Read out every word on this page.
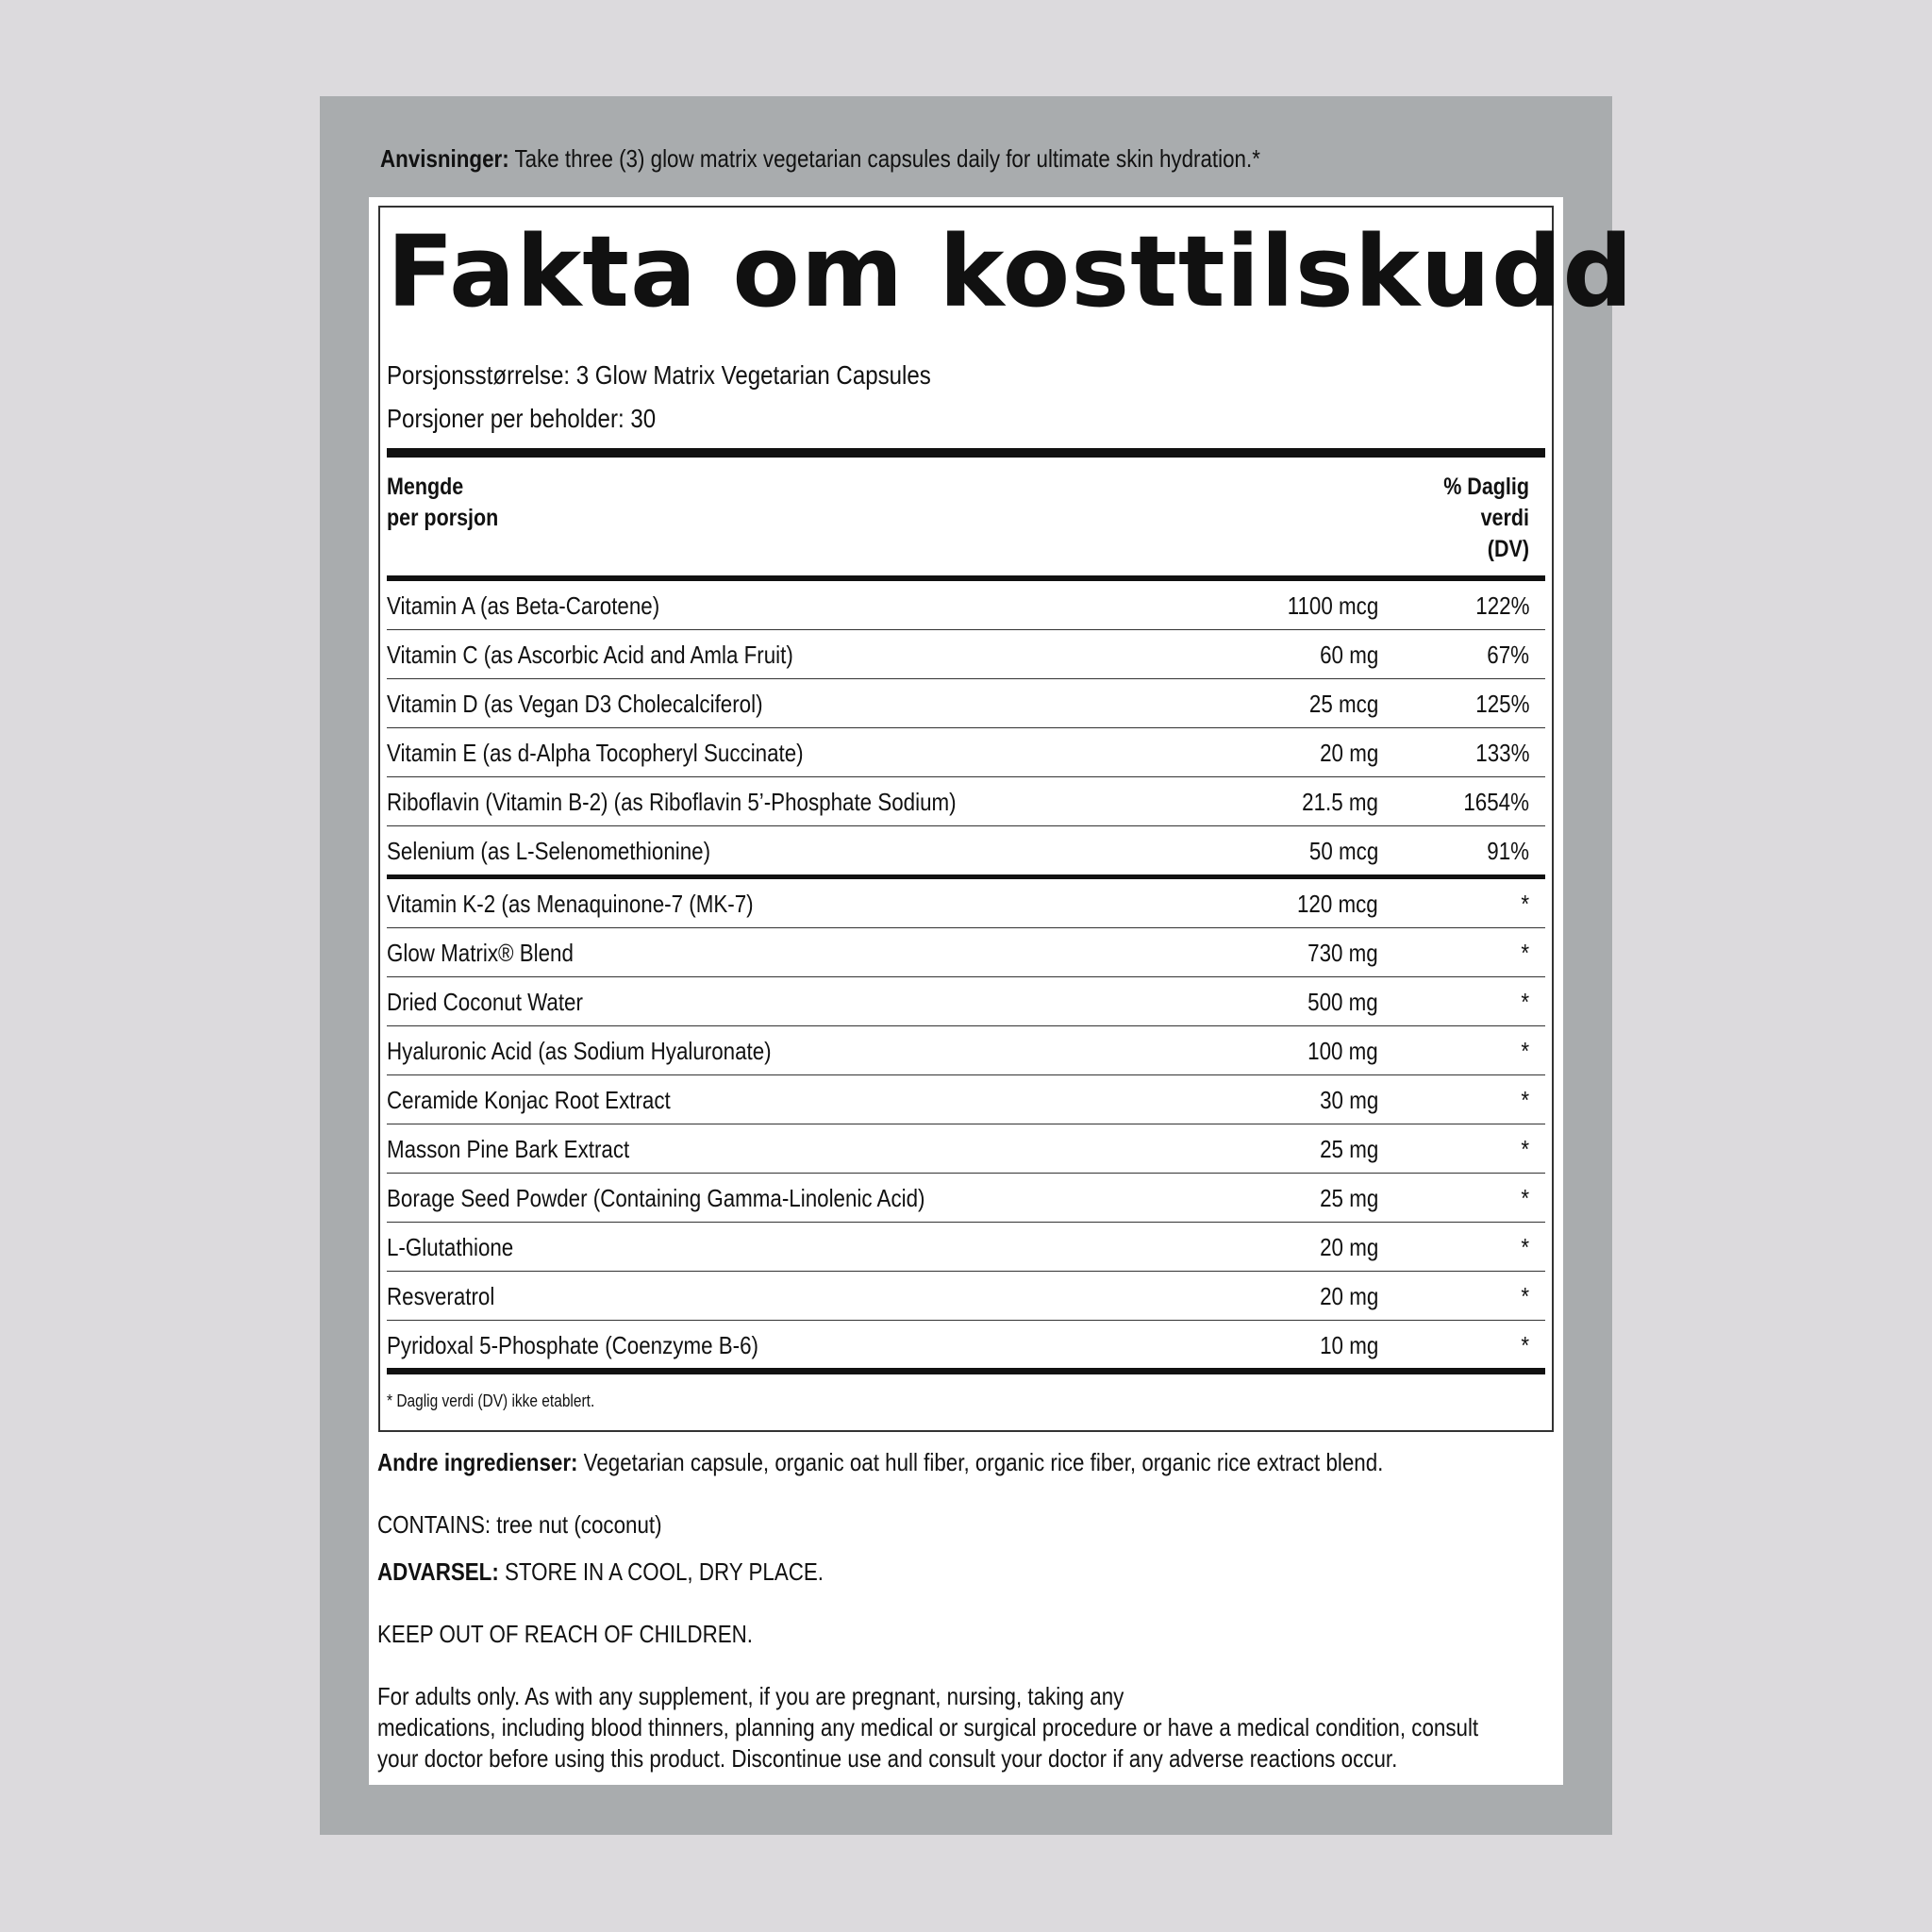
Anvisninger: Take three (3) glow matrix vegetarian capsules daily for ultimate skin hydration.*
Fakta om kosttilskudd
Porsjonsstørrelse: 3 Glow Matrix Vegetarian Capsules
Porsjoner per beholder: 30
Mengde
per porsjon
% Daglig
verdi
(DV)
Vitamin A (as Beta-Carotene)	1100 mcg	122%
Vitamin C (as Ascorbic Acid and Amla Fruit)	60 mg	67%
Vitamin D (as Vegan D3 Cholecalciferol)	25 mcg	125%
Vitamin E (as d-Alpha Tocopheryl Succinate)	20 mg	133%
Riboflavin (Vitamin B-2) (as Riboflavin 5’-Phosphate Sodium)	21.5 mg	1654%
Selenium (as L-Selenomethionine)	50 mcg	91%
Vitamin K-2 (as Menaquinone-7 (MK-7)	120 mcg	*
Glow Matrix® Blend	730 mg	*
Dried Coconut Water	500 mg	*
Hyaluronic Acid (as Sodium Hyaluronate)	100 mg	*
Ceramide Konjac Root Extract	30 mg	*
Masson Pine Bark Extract	25 mg	*
Borage Seed Powder (Containing Gamma-Linolenic Acid)	25 mg	*
L-Glutathione	20 mg	*
Resveratrol	20 mg	*
Pyridoxal 5-Phosphate (Coenzyme B-6)	10 mg	*
* Daglig verdi (DV) ikke etablert.
Andre ingredienser: Vegetarian capsule, organic oat hull fiber, organic rice fiber, organic rice extract blend.
CONTAINS: tree nut (coconut)
ADVARSEL: STORE IN A COOL, DRY PLACE.
KEEP OUT OF REACH OF CHILDREN.
For adults only. As with any supplement, if you are pregnant, nursing, taking any
medications, including blood thinners, planning any medical or surgical procedure or have a medical condition, consult
your doctor before using this product. Discontinue use and consult your doctor if any adverse reactions occur.
